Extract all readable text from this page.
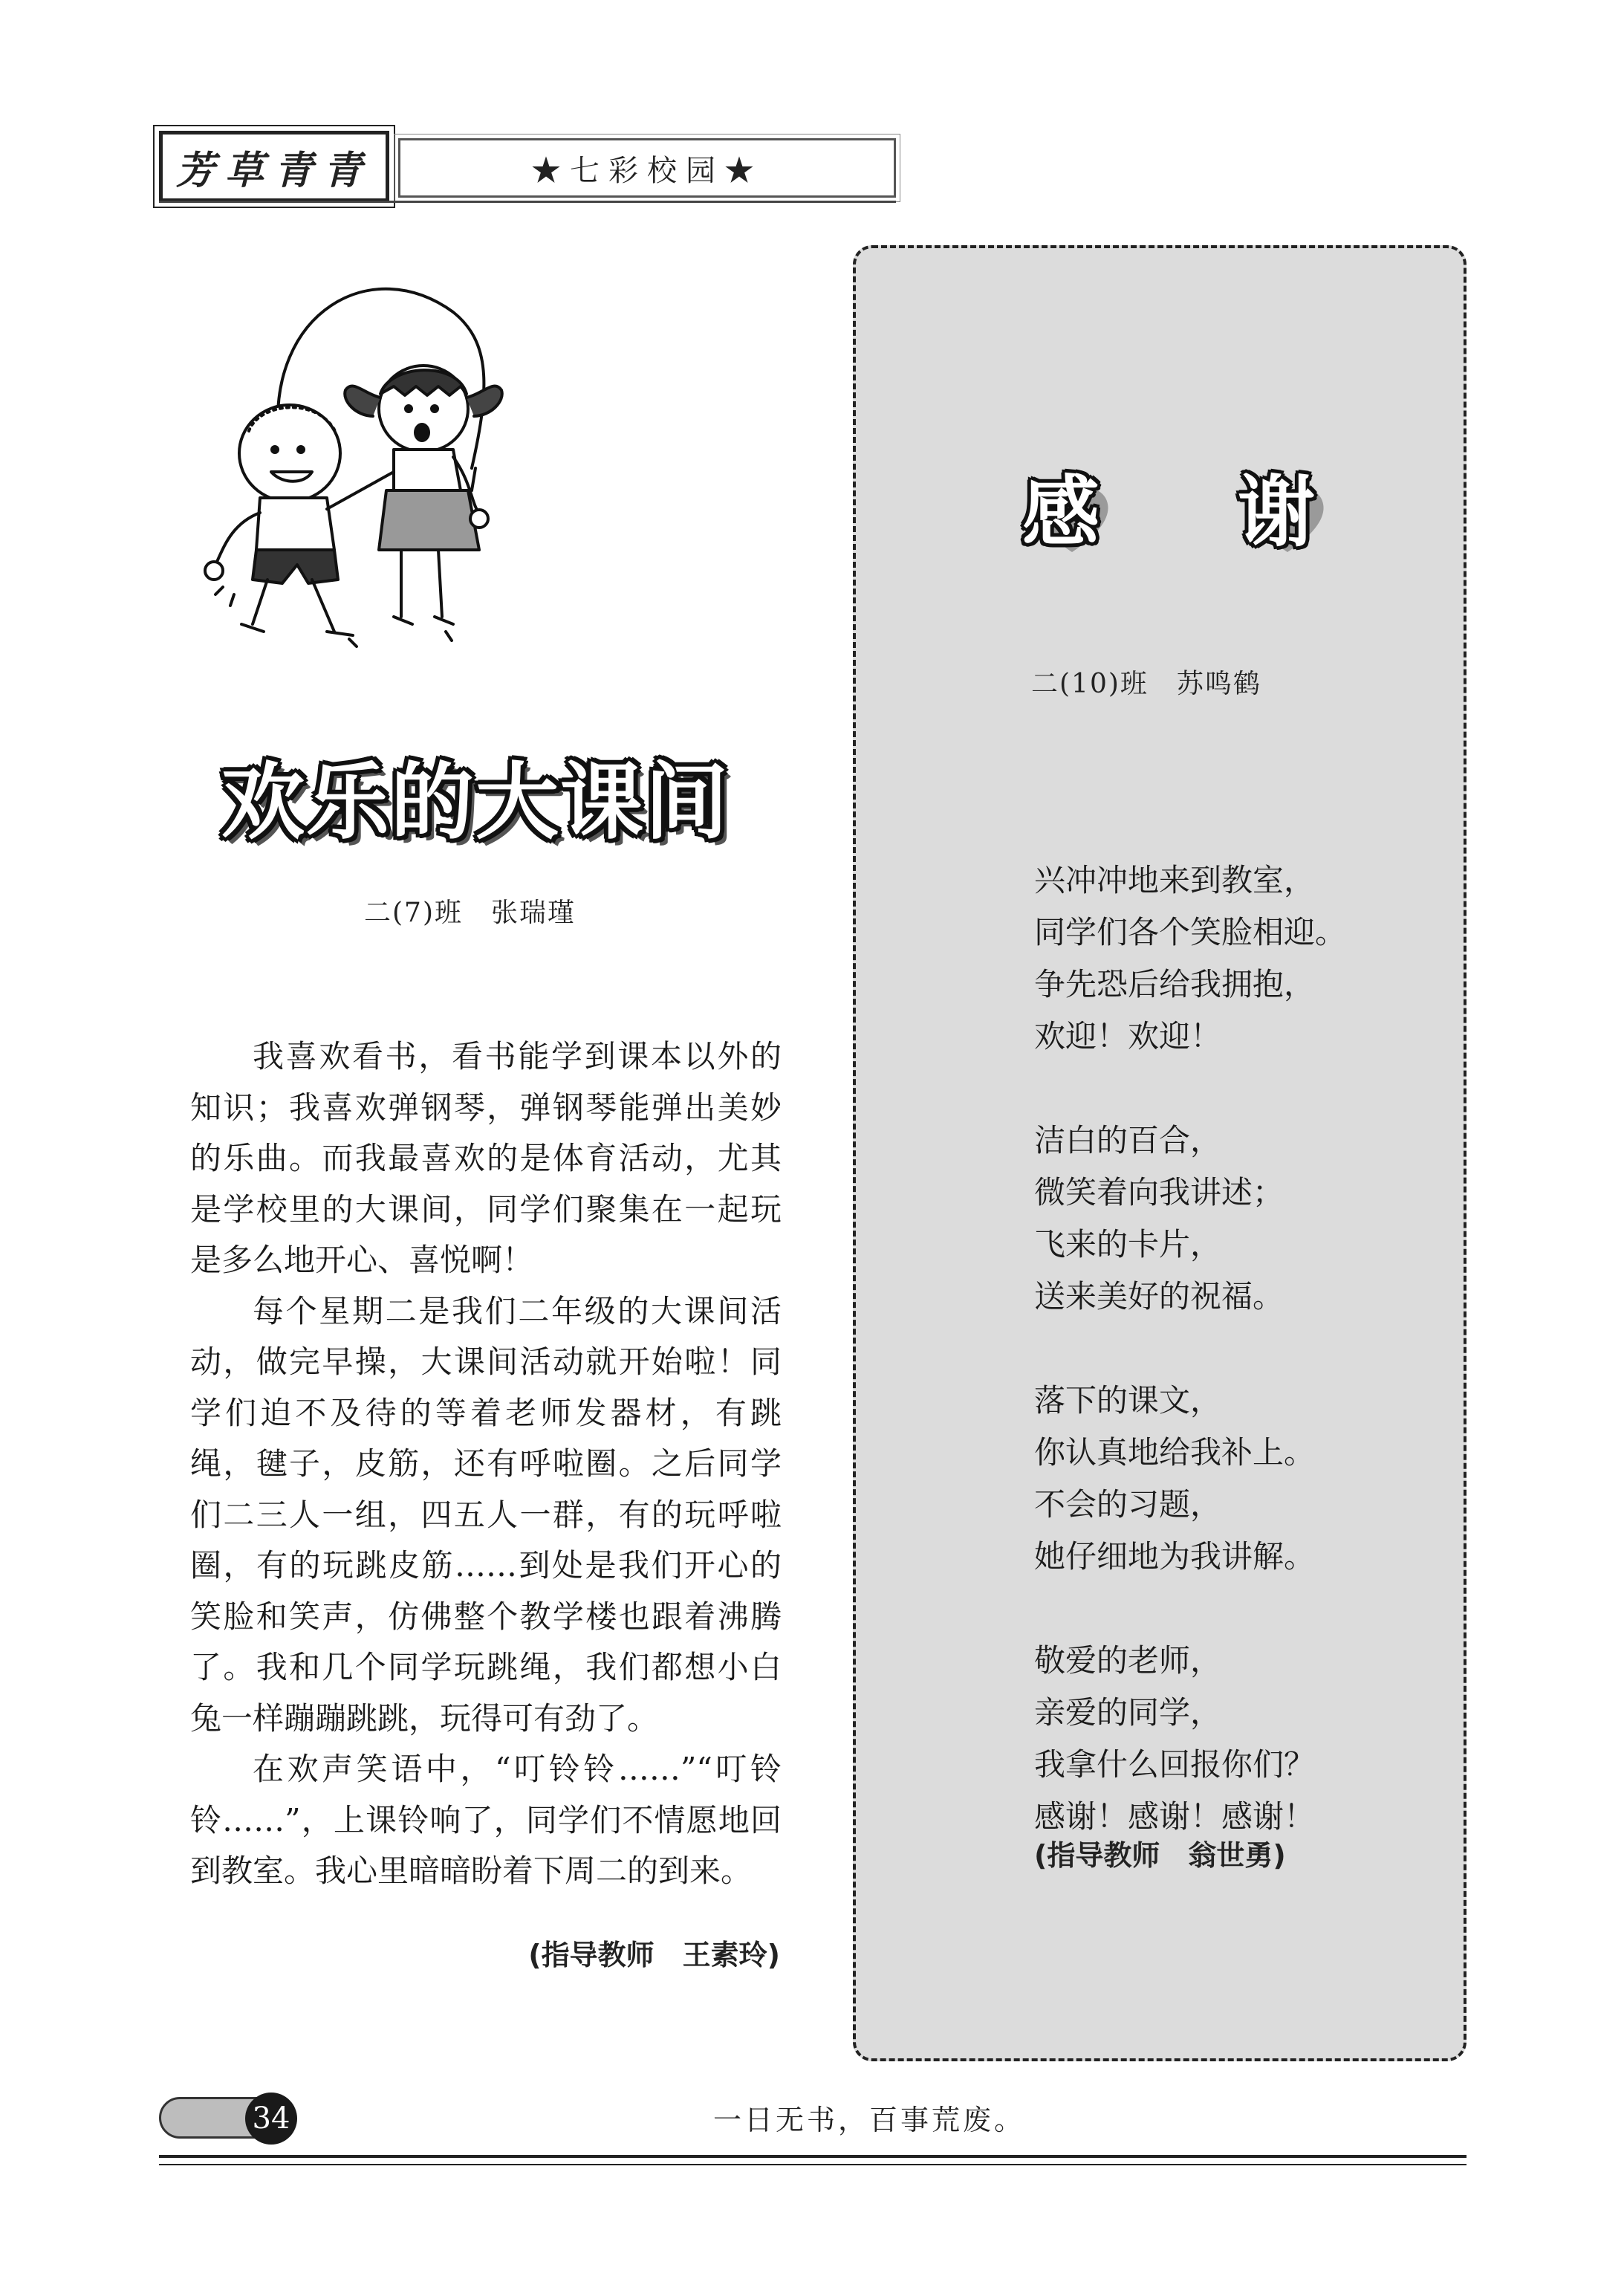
芳草青青	★七彩校园★
欢乐的大课间
二(7)班　张瑞瑾

我喜欢看书，看书能学到课本以外的知识；我喜欢弹钢琴，弹钢琴能弹出美妙的乐曲。而我最喜欢的是体育活动，尤其是学校里的大课间，同学们聚集在一起玩是多么地开心、喜悦啊！

每个星期二是我们二年级的大课间活动，做完早操，大课间活动就开始啦！同学们迫不及待的等着老师发器材，有跳绳，毽子，皮筋，还有呼啦圈。之后同学们二三人一组，四五人一群，有的玩呼啦圈，有的玩跳皮筋……到处是我们开心的笑脸和笑声，仿佛整个教学楼也跟着沸腾了。我和几个同学玩跳绳，我们都想小白兔一样蹦蹦跳跳，玩得可有劲了。

在欢声笑语中，“叮铃铃……”“叮铃铃……”，上课铃响了，同学们不情愿地回到教室。我心里暗暗盼着下周二的到来。

(指导教师　王素玲)
感 谢
二(10)班　苏鸣鹤
兴冲冲地来到教室，
同学们各个笑脸相迎。
争先恐后给我拥抱，
欢迎！欢迎！
洁白的百合，
微笑着向我讲述；
飞来的卡片，
送来美好的祝福。
落下的课文，
你认真地给我补上。
不会的习题，
她仔细地为我讲解。
敬爱的老师，
亲爱的同学，
我拿什么回报你们？
感谢！感谢！感谢！
(指导教师　翁世勇)
34	一日无书，百事荒废。
